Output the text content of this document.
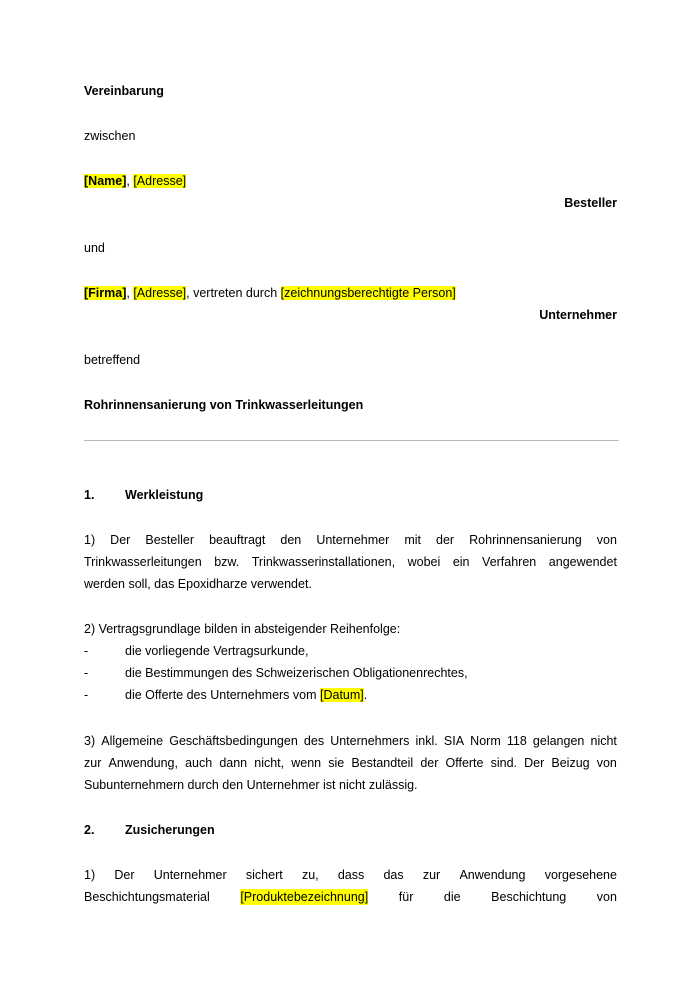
Vereinbarung
zwischen
[Name], [Adresse]
Besteller
und
[Firma], [Adresse], vertreten durch [zeichnungsberechtigte Person]
Unternehmer
betreffend
Rohrinnensanierung von Trinkwasserleitungen
1. Werkleistung
1) Der Besteller beauftragt den Unternehmer mit der Rohrinnensanierung von
Trinkwasserleitungen bzw. Trinkwasserinstallationen, wobei ein Verfahren angewendet
werden soll, das Epoxidharze verwendet.
2) Vertragsgrundlage bilden in absteigender Reihenfolge:
-	die vorliegende Vertragsurkunde,
-	die Bestimmungen des Schweizerischen Obligationenrechtes,
-	die Offerte des Unternehmers vom [Datum].
3) Allgemeine Geschäftsbedingungen des Unternehmers inkl. SIA Norm 118 gelangen nicht
zur Anwendung, auch dann nicht, wenn sie Bestandteil der Offerte sind. Der Beizug von
Subunternehmern durch den Unternehmer ist nicht zulässig.
2. Zusicherungen
1) Der Unternehmer sichert zu, dass das zur Anwendung vorgesehene
Beschichtungsmaterial [Produktebezeichnung] für die Beschichtung von
